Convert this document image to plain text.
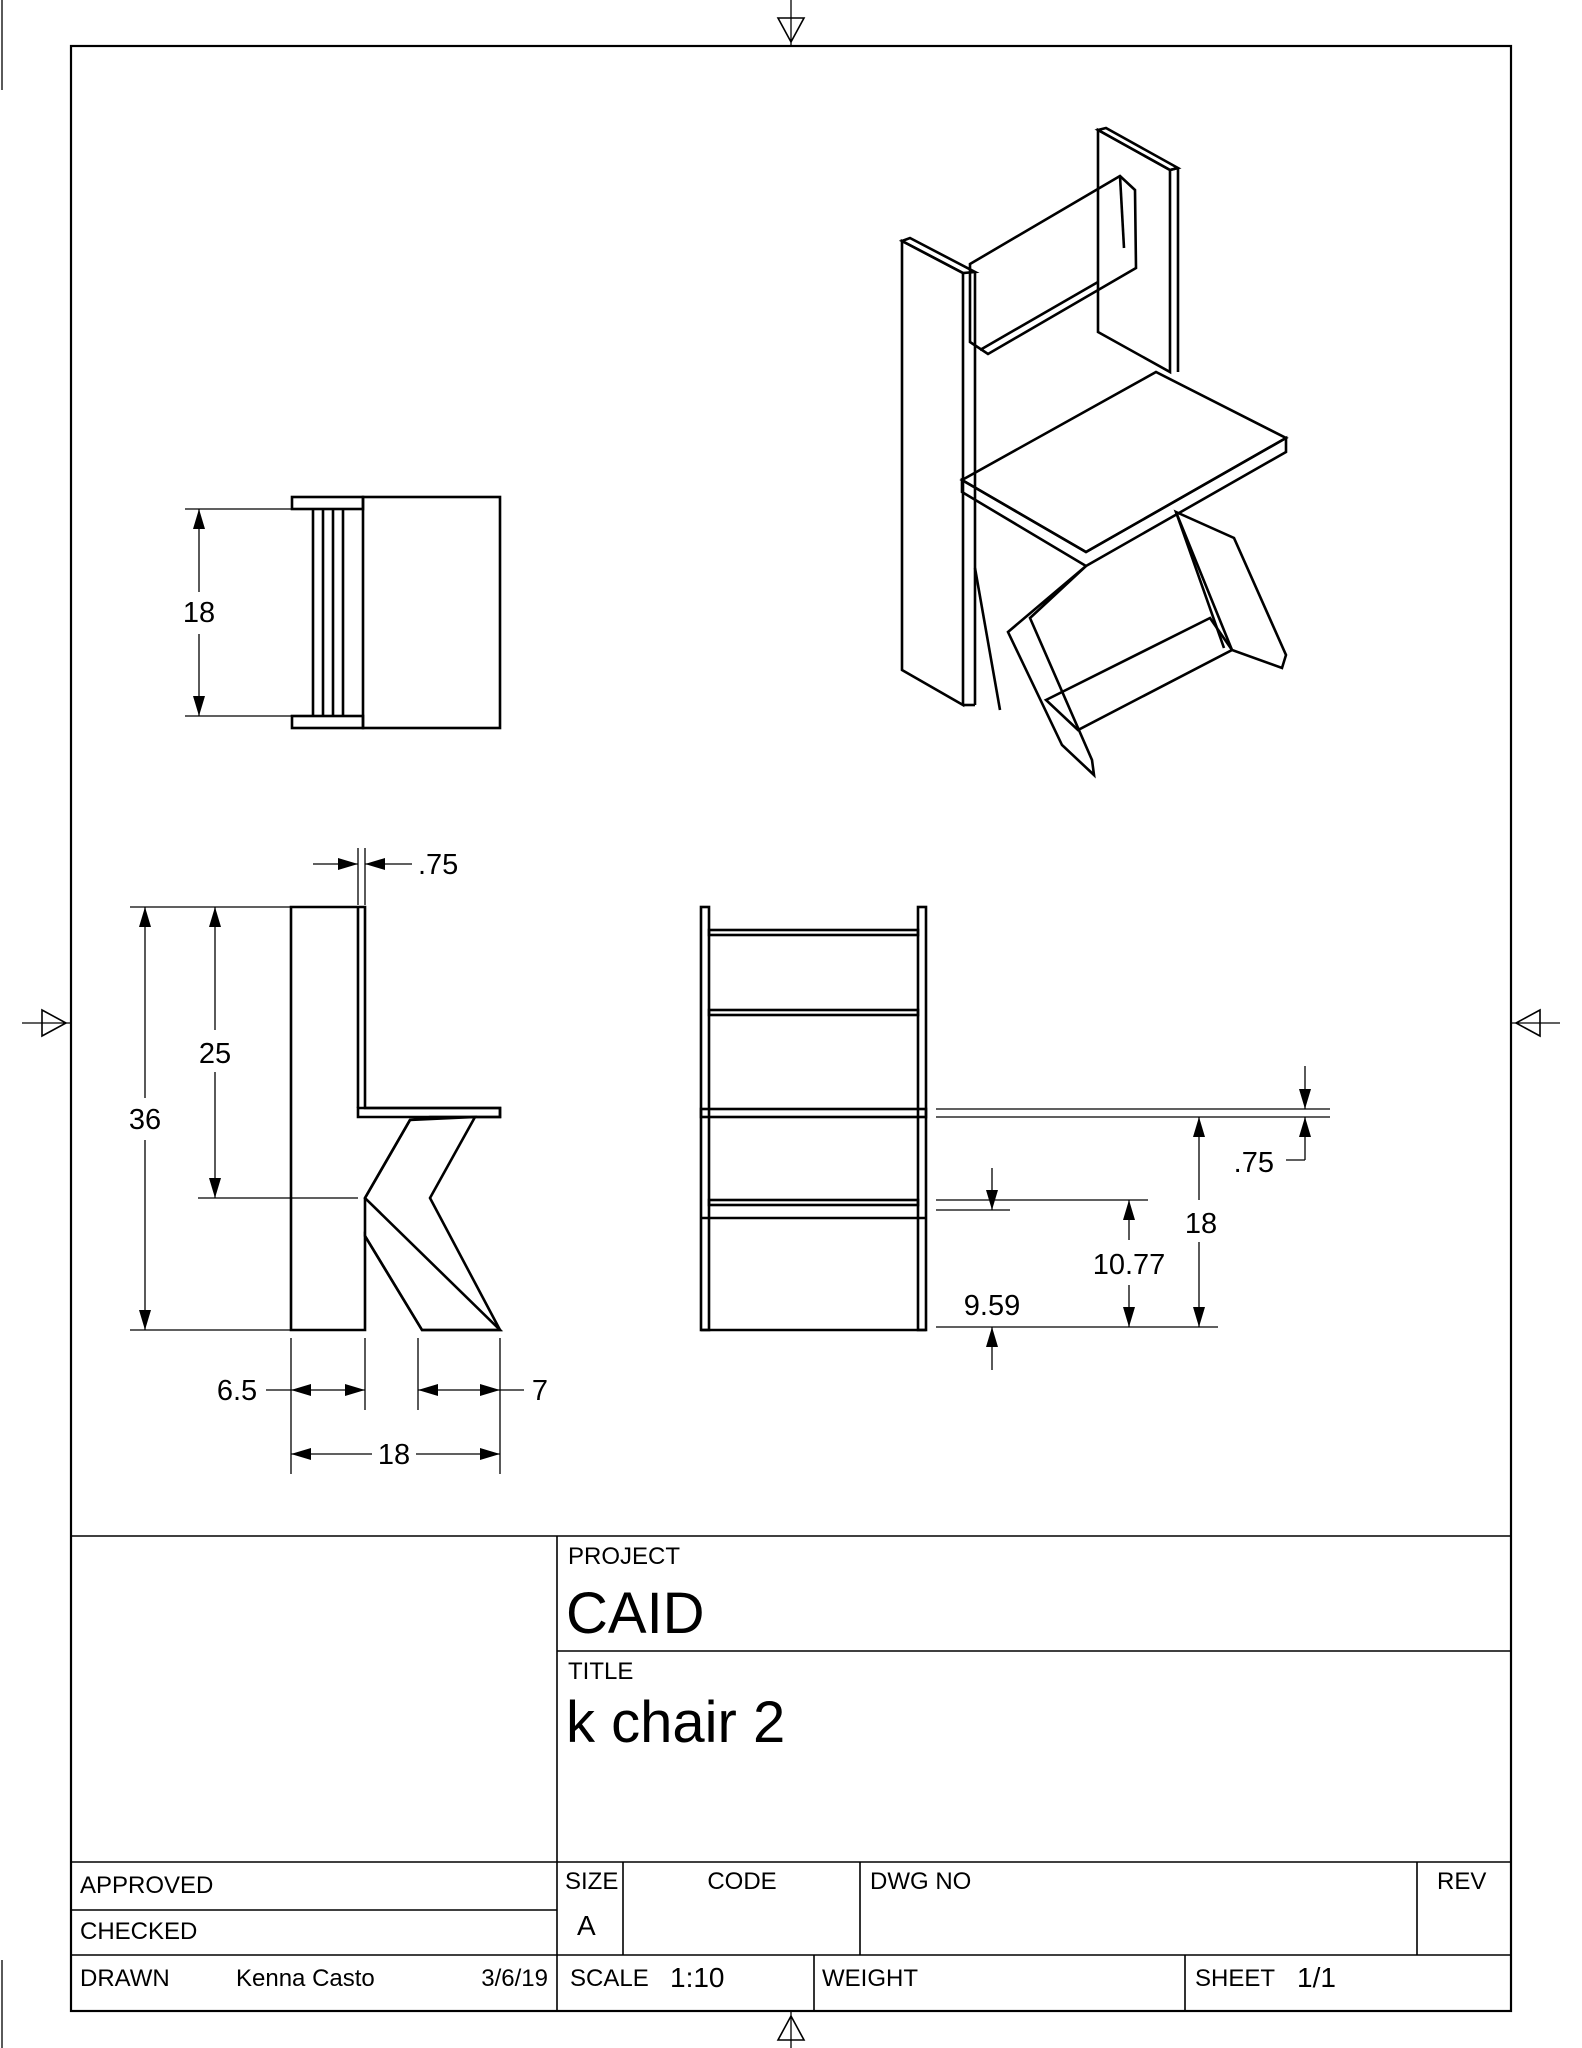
18
.75
36
25
6.5	7
18
.75
18
10.77
9.59
PROJECT
CAID
TITLE
k chair 2
APPROVED
CHECKED
DRAWN	Kenna Casto	3/6/19
SIZE
A
CODE	DWG NO	REV
SCALE 1:10	WEIGHT	SHEET 1/1
